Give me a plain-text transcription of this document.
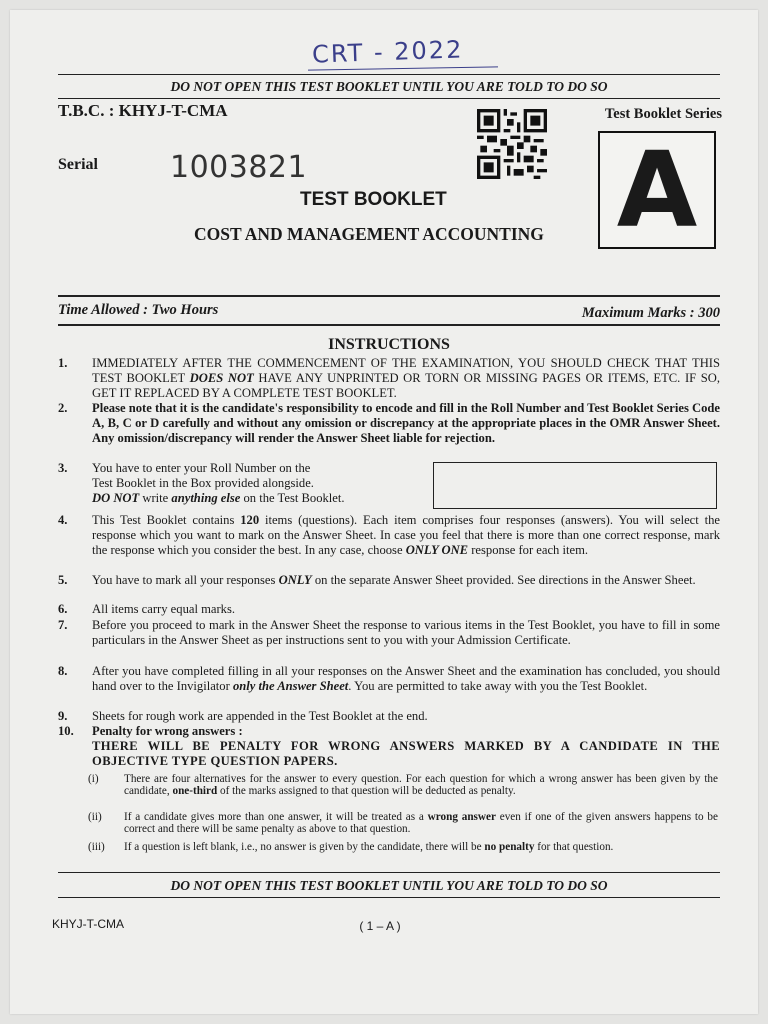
CRT - 2022
DO NOT OPEN THIS TEST BOOKLET UNTIL YOU ARE TOLD TO DO SO
T.B.C. : KHYJ-T-CMA	Test Booklet Series
A
Serial 1003821
TEST BOOKLET
COST AND MANAGEMENT ACCOUNTING
Time Allowed : Two Hours	Maximum Marks : 300
INSTRUCTIONS
1.	IMMEDIATELY AFTER THE COMMENCEMENT OF THE EXAMINATION, YOU SHOULD CHECK THAT THIS TEST BOOKLET DOES NOT HAVE ANY UNPRINTED OR TORN OR MISSING PAGES OR ITEMS, ETC. IF SO, GET IT REPLACED BY A COMPLETE TEST BOOKLET.
2.	Please note that it is the candidate's responsibility to encode and fill in the Roll Number and Test Booklet Series Code A, B, C or D carefully and without any omission or discrepancy at the appropriate places in the OMR Answer Sheet. Any omission/discrepancy will render the Answer Sheet liable for rejection.
3.	You have to enter your Roll Number on the
Test Booklet in the Box provided alongside.
DO NOT write anything else on the Test Booklet.
4.	This Test Booklet contains 120 items (questions). Each item comprises four responses (answers). You will select the response which you want to mark on the Answer Sheet. In case you feel that there is more than one correct response, mark the response which you consider the best. In any case, choose ONLY ONE response for each item.
5.	You have to mark all your responses ONLY on the separate Answer Sheet provided. See directions in the Answer Sheet.
6.	All items carry equal marks.
7.	Before you proceed to mark in the Answer Sheet the response to various items in the Test Booklet, you have to fill in some particulars in the Answer Sheet as per instructions sent to you with your Admission Certificate.
8.	After you have completed filling in all your responses on the Answer Sheet and the examination has concluded, you should hand over to the Invigilator only the Answer Sheet. You are permitted to take away with you the Test Booklet.
9.	Sheets for rough work are appended in the Test Booklet at the end.
10.	Penalty for wrong answers :
THERE WILL BE PENALTY FOR WRONG ANSWERS MARKED BY A CANDIDATE IN THE OBJECTIVE TYPE QUESTION PAPERS.
(i) There are four alternatives for the answer to every question. For each question for which a wrong answer has been given by the candidate, one-third of the marks assigned to that question will be deducted as penalty.
(ii) If a candidate gives more than one answer, it will be treated as a wrong answer even if one of the given answers happens to be correct and there will be same penalty as above to that question.
(iii) If a question is left blank, i.e., no answer is given by the candidate, there will be no penalty for that question.
DO NOT OPEN THIS TEST BOOKLET UNTIL YOU ARE TOLD TO DO SO
KHYJ-T-CMA	( 1 – A )
